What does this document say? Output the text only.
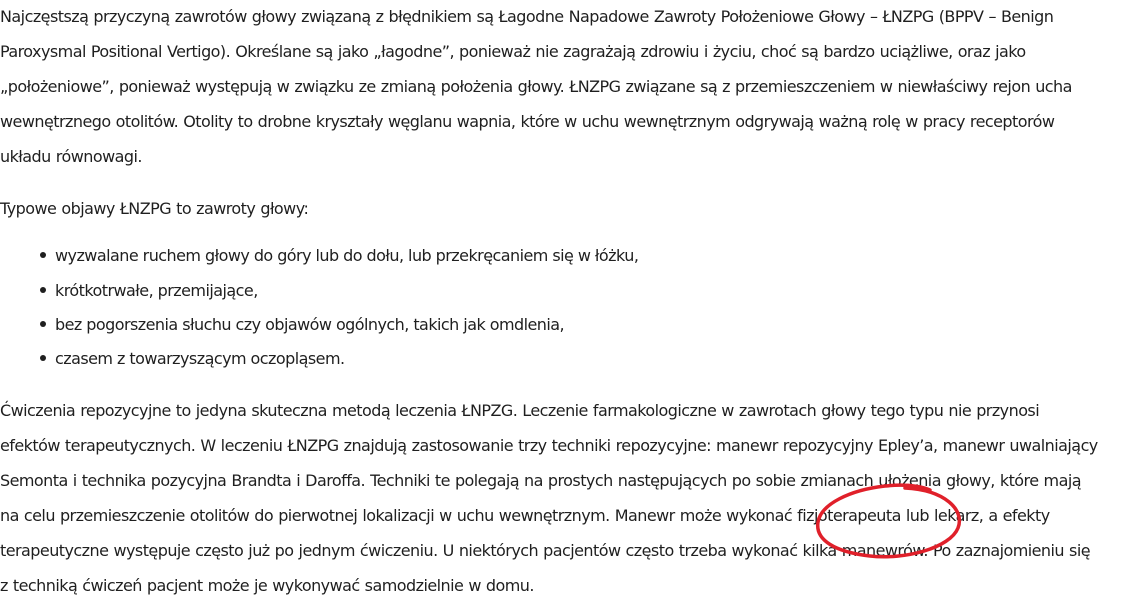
Najczęstszą przyczyną zawrotów głowy związaną z błędnikiem są Łagodne Napadowe Zawroty Położeniowe Głowy – ŁNZPG (BPPV – Benign
Paroxysmal Positional Vertigo). Określane są jako „łagodne”, ponieważ nie zagrażają zdrowiu i życiu, choć są bardzo uciążliwe, oraz jako
„położeniowe”, ponieważ występują w związku ze zmianą położenia głowy. ŁNZPG związane są z przemieszczeniem w niewłaściwy rejon ucha
wewnętrznego otolitów. Otolity to drobne kryształy węglanu wapnia, które w uchu wewnętrznym odgrywają ważną rolę w pracy receptorów
układu równowagi.
Typowe objawy ŁNZPG to zawroty głowy:
wyzwalane ruchem głowy do góry lub do dołu, lub przekręcaniem się w łóżku,
krótkotrwałe, przemijające,
bez pogorszenia słuchu czy objawów ogólnych, takich jak omdlenia,
czasem z towarzyszącym oczopląsem.
Ćwiczenia repozycyjne to jedyna skuteczna metodą leczenia ŁNPZG. Leczenie farmakologiczne w zawrotach głowy tego typu nie przynosi
efektów terapeutycznych. W leczeniu ŁNZPG znajdują zastosowanie trzy techniki repozycyjne: manewr repozycyjny Epley’a, manewr uwalniający
Semonta i technika pozycyjna Brandta i Daroffa. Techniki te polegają na prostych następujących po sobie zmianach ułożenia głowy, które mają
na celu przemieszczenie otolitów do pierwotnej lokalizacji w uchu wewnętrznym. Manewr może wykonać fizjoterapeuta lub lekarz, a efekty
terapeutyczne występuje często już po jednym ćwiczeniu. U niektórych pacjentów często trzeba wykonać kilka manewrów. Po zaznajomieniu się
z techniką ćwiczeń pacjent może je wykonywać samodzielnie w domu.
